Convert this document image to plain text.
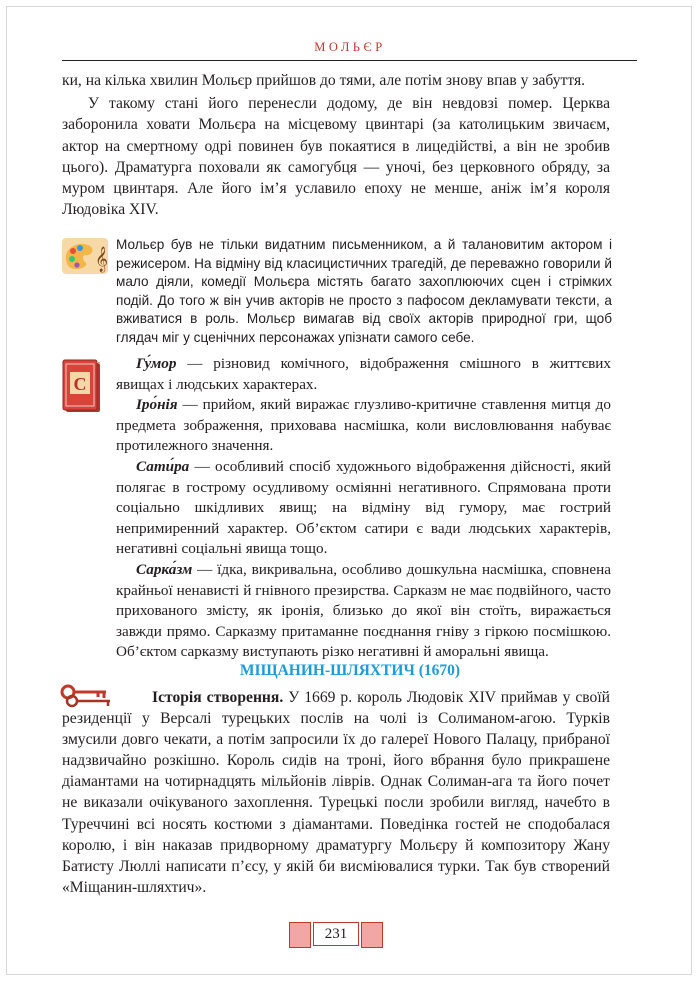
МОЛЬЄР

ки, на кілька хвилин Мольєр прийшов до тями, але потім знову впав у забуття.

У такому стані його перенесли додому, де він невдовзі помер. Церква заборонила ховати Мольєра на місцевому цвинтарі (за католицьким звичаєм, актор на смертному одрі повинен був покаятися в лицедійстві, а він не зробив цього). Драматурга поховали як самогубця — уночі, без церковного обряду, за муром цвинтаря. Але його ім’я уславило епоху не менше, аніж ім’я короля Людовіка XIV.

𝄞

Мольєр був не тільки видатним письменником, а й талановитим актором і режисером. На відміну від класицистичних трагедій, де переважно говорили й мало діяли, комедії Мольєра містять багато захоплюючих сцен і стрімких подій. До того ж він учив акторів не просто з пафосом декламувати тексти, а вживатися в роль. Мольєр вимагав від своїх акторів природної гри, щоб глядач міг у сценічних персонажах упізнати самого себе.

C

Гу́мор — різновид комічного, відображення смішного в життєвих явищах і людських характерах.

Іро́нія — прийом, який виражає глузливо-критичне ставлення митця до предмета зображення, приховава насмішка, коли висловлювання набуває протилежного значення.

Сати́ра — особливий спосіб художнього відображення дійсності, який полягає в гострому осудливому осміянні негативного. Спрямована проти соціально шкідливих явищ; на відміну від гумору, має гострий непримиренний характер. Об’єктом сатири є вади людських характерів, негативні соціальні явища тощо.

Сарка́зм — їдка, викривальна, особливо дошкульна насмішка, сповнена крайньої ненависті й гнівного презирства. Сарказм не має подвійного, часто прихованого змісту, як іронія, близько до якої він стоїть, виражається завжди прямо. Сарказму притаманне поєднання гніву з гіркою посмішкою. Об’єктом сарказму виступають різко негативні й аморальні явища.

МІЩАНИН-ШЛЯХТИЧ (1670)

Історія створення. У 1669 р. король Людовік XIV приймав у своїй резиденції у Версалі турецьких послів на чолі із Солиманом-агою. Турків змусили довго чекати, а потім запросили їх до галереї Нового Палацу, прибраної надзвичайно розкішно. Король сидів на троні, його вбрання було прикрашене діамантами на чотирнадцять мільйонів ліврів. Однак Солиман-ага та його почет не виказали очікуваного захоплення. Турецькі посли зробили вигляд, начебто в Туреччині всі носять костюми з діамантами. Поведінка гостей не сподобалася королю, і він наказав придворному драматургу Мольєру й композитору Жану Батисту Люллі написати п’єсу, у якій би висміювалися турки. Так був створений «Міщанин-шляхтич».

231
